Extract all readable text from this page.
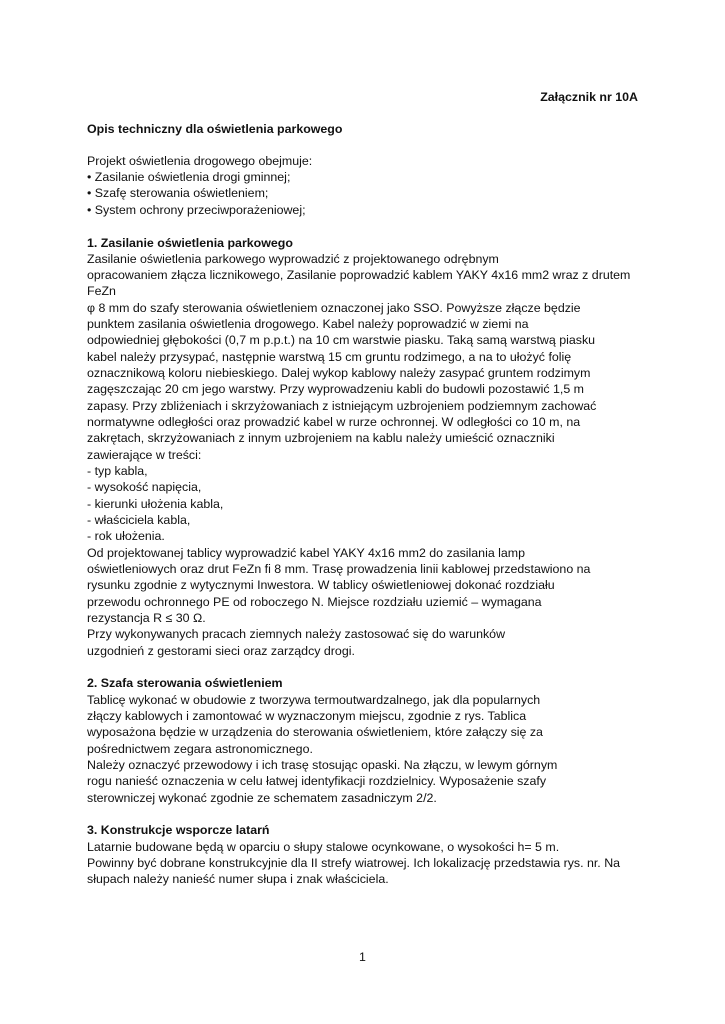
Załącznik nr 10A
Opis techniczny dla oświetlenia parkowego
Projekt oświetlenia drogowego obejmuje:
• Zasilanie oświetlenia drogi gminnej;
• Szafę sterowania oświetleniem;
• System ochrony przeciwporażeniowej;
1. Zasilanie oświetlenia parkowego
Zasilanie oświetlenia parkowego wyprowadzić z projektowanego odrębnym
opracowaniem złącza licznikowego, Zasilanie poprowadzić kablem YAKY 4x16 mm2 wraz z drutem
FeZn
φ 8 mm do szafy sterowania oświetleniem oznaczonej jako SSO. Powyższe złącze będzie
punktem zasilania oświetlenia drogowego. Kabel należy poprowadzić w ziemi na
odpowiedniej głębokości (0,7 m p.p.t.) na 10 cm warstwie piasku. Taką samą warstwą piasku
kabel należy przysypać, następnie warstwą 15 cm gruntu rodzimego, a na to ułożyć folię
oznacznikową koloru niebieskiego. Dalej wykop kablowy należy zasypać gruntem rodzimym
zagęszczając 20 cm jego warstwy. Przy wyprowadzeniu kabli do budowli pozostawić 1,5 m
zapasy. Przy zbliżeniach i skrzyżowaniach z istniejącym uzbrojeniem podziemnym zachować
normatywne odległości oraz prowadzić kabel w rurze ochronnej. W odległości co 10 m, na
zakrętach, skrzyżowaniach z innym uzbrojeniem na kablu należy umieścić oznaczniki
zawierające w treści:
- typ kabla,
- wysokość napięcia,
- kierunki ułożenia kabla,
- właściciela kabla,
- rok ułożenia.
Od projektowanej tablicy wyprowadzić kabel YAKY 4x16 mm2 do zasilania lamp
oświetleniowych oraz drut FeZn fi 8 mm. Trasę prowadzenia linii kablowej przedstawiono na
rysunku zgodnie z wytycznymi Inwestora. W tablicy oświetleniowej dokonać rozdziału
przewodu ochronnego PE od roboczego N. Miejsce rozdziału uziemić – wymagana
rezystancja R ≤ 30 Ω.
Przy wykonywanych pracach ziemnych należy zastosować się do warunków
uzgodnień z gestorami sieci oraz zarządcy drogi.
2. Szafa sterowania oświetleniem
Tablicę wykonać w obudowie z tworzywa termoutwardzalnego, jak dla popularnych
złączy kablowych i zamontować w wyznaczonym miejscu, zgodnie z rys. Tablica
wyposażona będzie w urządzenia do sterowania oświetleniem, które załączy się za
pośrednictwem zegara astronomicznego.
Należy oznaczyć przewodowy i ich trasę stosując opaski. Na złączu, w lewym górnym
rogu nanieść oznaczenia w celu łatwej identyfikacji rozdzielnicy. Wyposażenie szafy
sterowniczej wykonać zgodnie ze schematem zasadniczym 2/2.
3. Konstrukcje wsporcze latarń
Latarnie budowane będą w oparciu o słupy stalowe ocynkowane, o wysokości h= 5 m.
Powinny być dobrane konstrukcyjnie dla II strefy wiatrowej. Ich lokalizację przedstawia rys. nr. Na
słupach należy nanieść numer słupa i znak właściciela.
1
